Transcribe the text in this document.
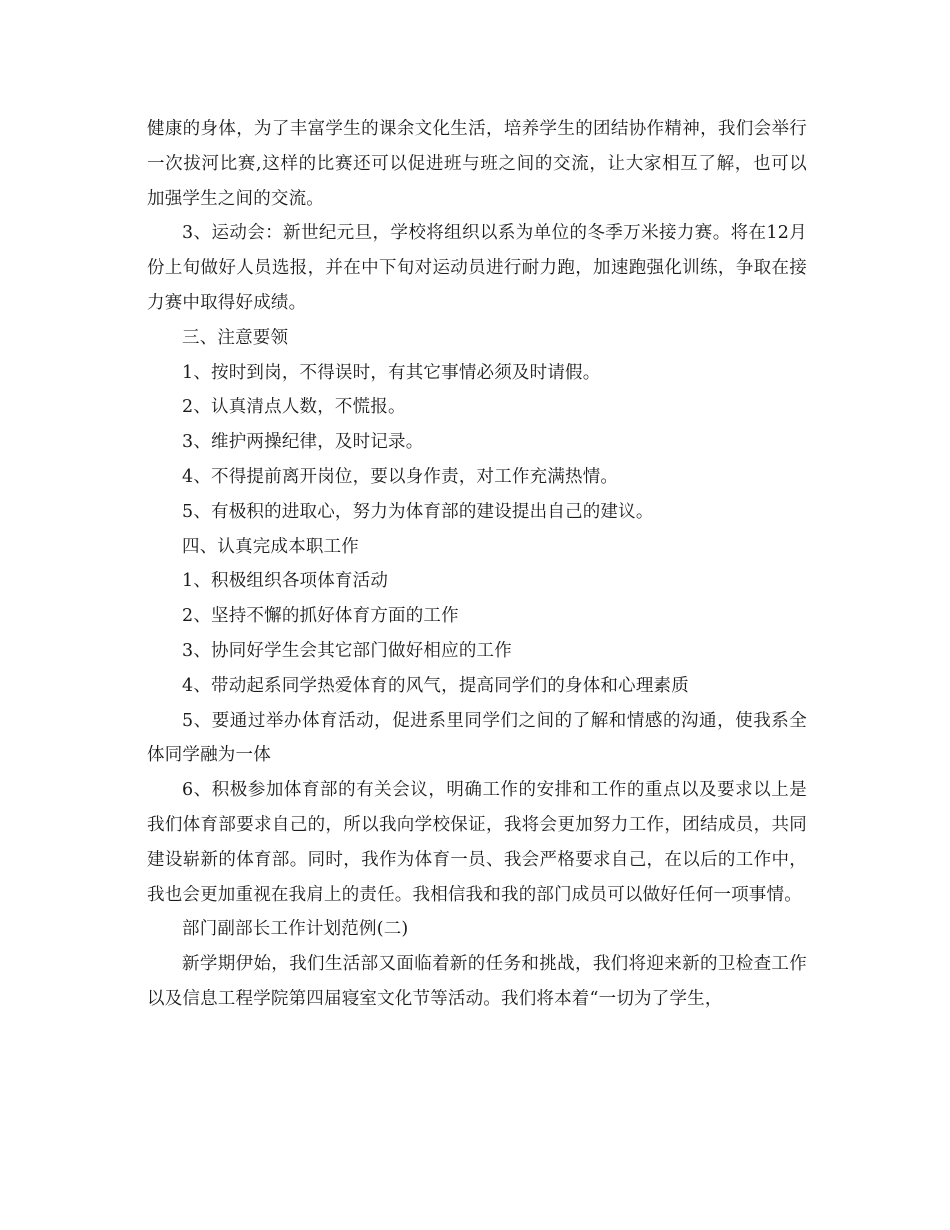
健康的身体，为了丰富学生的课余文化生活，培养学生的团结协作精神，我们会举行一次拔河比赛,这样的比赛还可以促进班与班之间的交流，让大家相互了解，也可以加强学生之间的交流。

3、运动会：新世纪元旦，学校将组织以系为单位的冬季万米接力赛。将在12月份上旬做好人员选报，并在中下旬对运动员进行耐力跑，加速跑强化训练，争取在接力赛中取得好成绩。

三、注意要领

1、按时到岗，不得误时，有其它事情必须及时请假。

2、认真清点人数，不慌报。

3、维护两操纪律，及时记录。

4、不得提前离开岗位，要以身作责，对工作充满热情。

5、有极积的进取心，努力为体育部的建设提出自己的建议。

四、认真完成本职工作

1、积极组织各项体育活动

2、坚持不懈的抓好体育方面的工作

3、协同好学生会其它部门做好相应的工作

4、带动起系同学热爱体育的风气，提高同学们的身体和心理素质

5、要通过举办体育活动，促进系里同学们之间的了解和情感的沟通，使我系全体同学融为一体

6、积极参加体育部的有关会议，明确工作的安排和工作的重点以及要求以上是我们体育部要求自己的，所以我向学校保证，我将会更加努力工作，团结成员，共同建设崭新的体育部。同时，我作为体育一员、我会严格要求自己，在以后的工作中，我也会更加重视在我肩上的责任。我相信我和我的部门成员可以做好任何一项事情。

部门副部长工作计划范例(二)

新学期伊始，我们生活部又面临着新的任务和挑战，我们将迎来新的卫检查工作以及信息工程学院第四届寝室文化节等活动。我们将本着“一切为了学生，
